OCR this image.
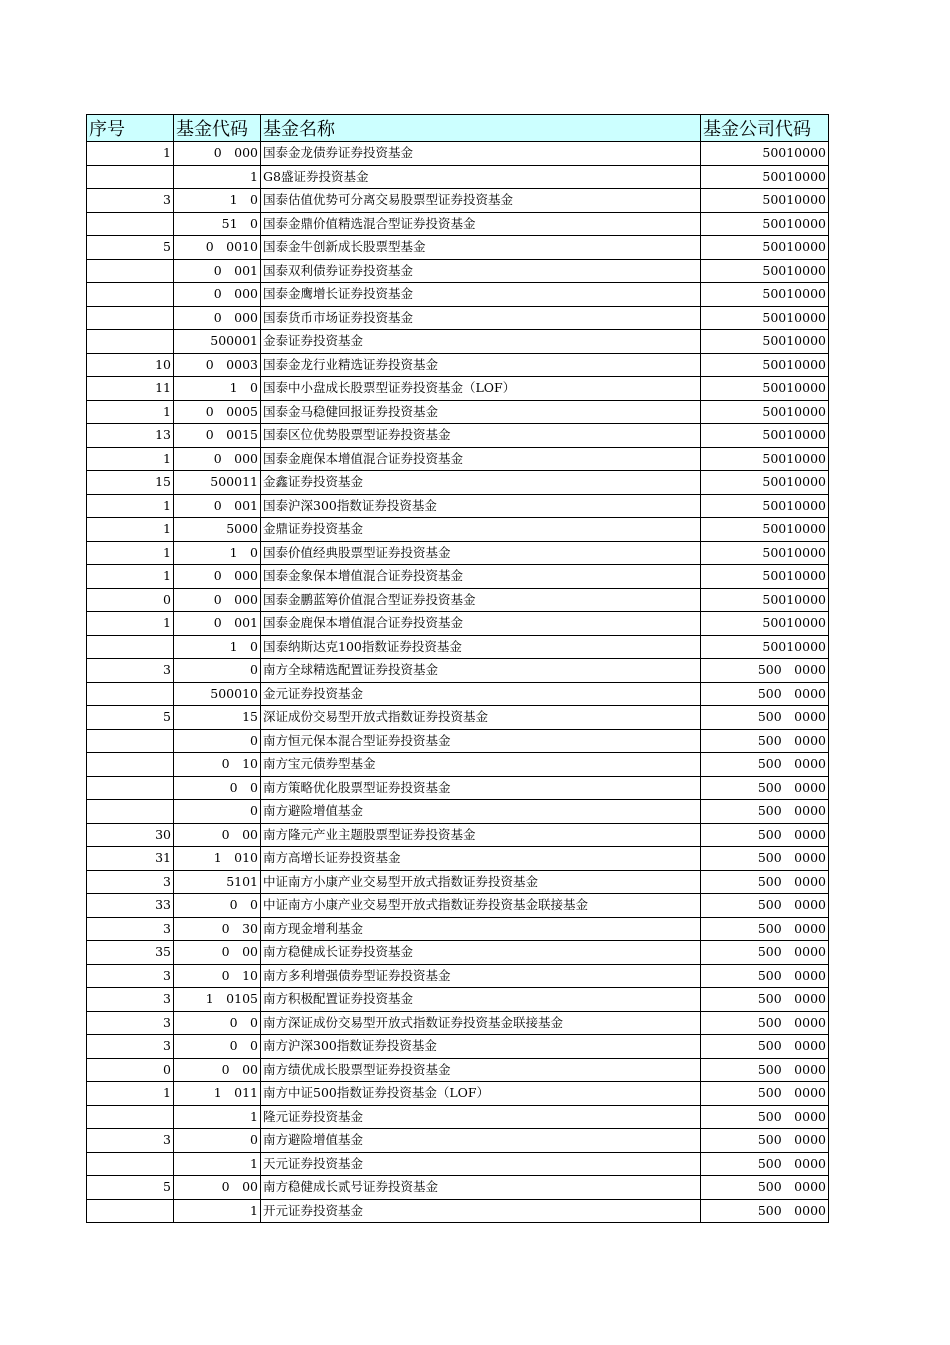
序号	基金代码	基金名称	基金公司代码
1	0　000	国泰金龙债券证券投资基金	50010000
	1	G8盛证券投资基金	50010000
3	1　0	国泰估值优势可分离交易股票型证券投资基金	50010000
	51　0	国泰金鼎价值精选混合型证券投资基金	50010000
5	0　0010	国泰金牛创新成长股票型基金	50010000
	0　001	国泰双利债券证券投资基金	50010000
	0　000	国泰金鹰增长证券投资基金	50010000
	0　000	国泰货币市场证券投资基金	50010000
	500001	金泰证券投资基金	50010000
10	0　0003	国泰金龙行业精选证券投资基金	50010000
11	1　0	国泰中小盘成长股票型证券投资基金（LOF）	50010000
1	0　0005	国泰金马稳健回报证券投资基金	50010000
13	0　0015	国泰区位优势股票型证券投资基金	50010000
1	0　000	国泰金鹿保本增值混合证券投资基金	50010000
15	500011	金鑫证券投资基金	50010000
1	0　001	国泰沪深300指数证券投资基金	50010000
1	5000	金鼎证券投资基金	50010000
1	1　0	国泰价值经典股票型证券投资基金	50010000
1	0　000	国泰金象保本增值混合证券投资基金	50010000
0	0　000	国泰金鹏蓝筹价值混合型证券投资基金	50010000
1	0　001	国泰金鹿保本增值混合证券投资基金	50010000
	1　0	国泰纳斯达克100指数证券投资基金	50010000
3	0	南方全球精选配置证券投资基金	500　0000
	500010	金元证券投资基金	500　0000
5	15	深证成份交易型开放式指数证券投资基金	500　0000
	0	南方恒元保本混合型证券投资基金	500　0000
	0　10	南方宝元债券型基金	500　0000
	0　0	南方策略优化股票型证券投资基金	500　0000
	0	南方避险增值基金	500　0000
30	0　00	南方隆元产业主题股票型证券投资基金	500　0000
31	1　010	南方高增长证券投资基金	500　0000
3	5101	中证南方小康产业交易型开放式指数证券投资基金	500　0000
33	0　0	中证南方小康产业交易型开放式指数证券投资基金联接基金	500　0000
3	0　30	南方现金增利基金	500　0000
35	0　00	南方稳健成长证券投资基金	500　0000
3	0　10	南方多利增强债券型证券投资基金	500　0000
3	1　0105	南方积极配置证券投资基金	500　0000
3	0　0	南方深证成份交易型开放式指数证券投资基金联接基金	500　0000
3	0　0	南方沪深300指数证券投资基金	500　0000
0	0　00	南方绩优成长股票型证券投资基金	500　0000
1	1　011	南方中证500指数证券投资基金（LOF）	500　0000
	1	隆元证券投资基金	500　0000
3	0	南方避险增值基金	500　0000
	1	天元证券投资基金	500　0000
5	0　00	南方稳健成长贰号证券投资基金	500　0000
	1	开元证券投资基金	500　0000
